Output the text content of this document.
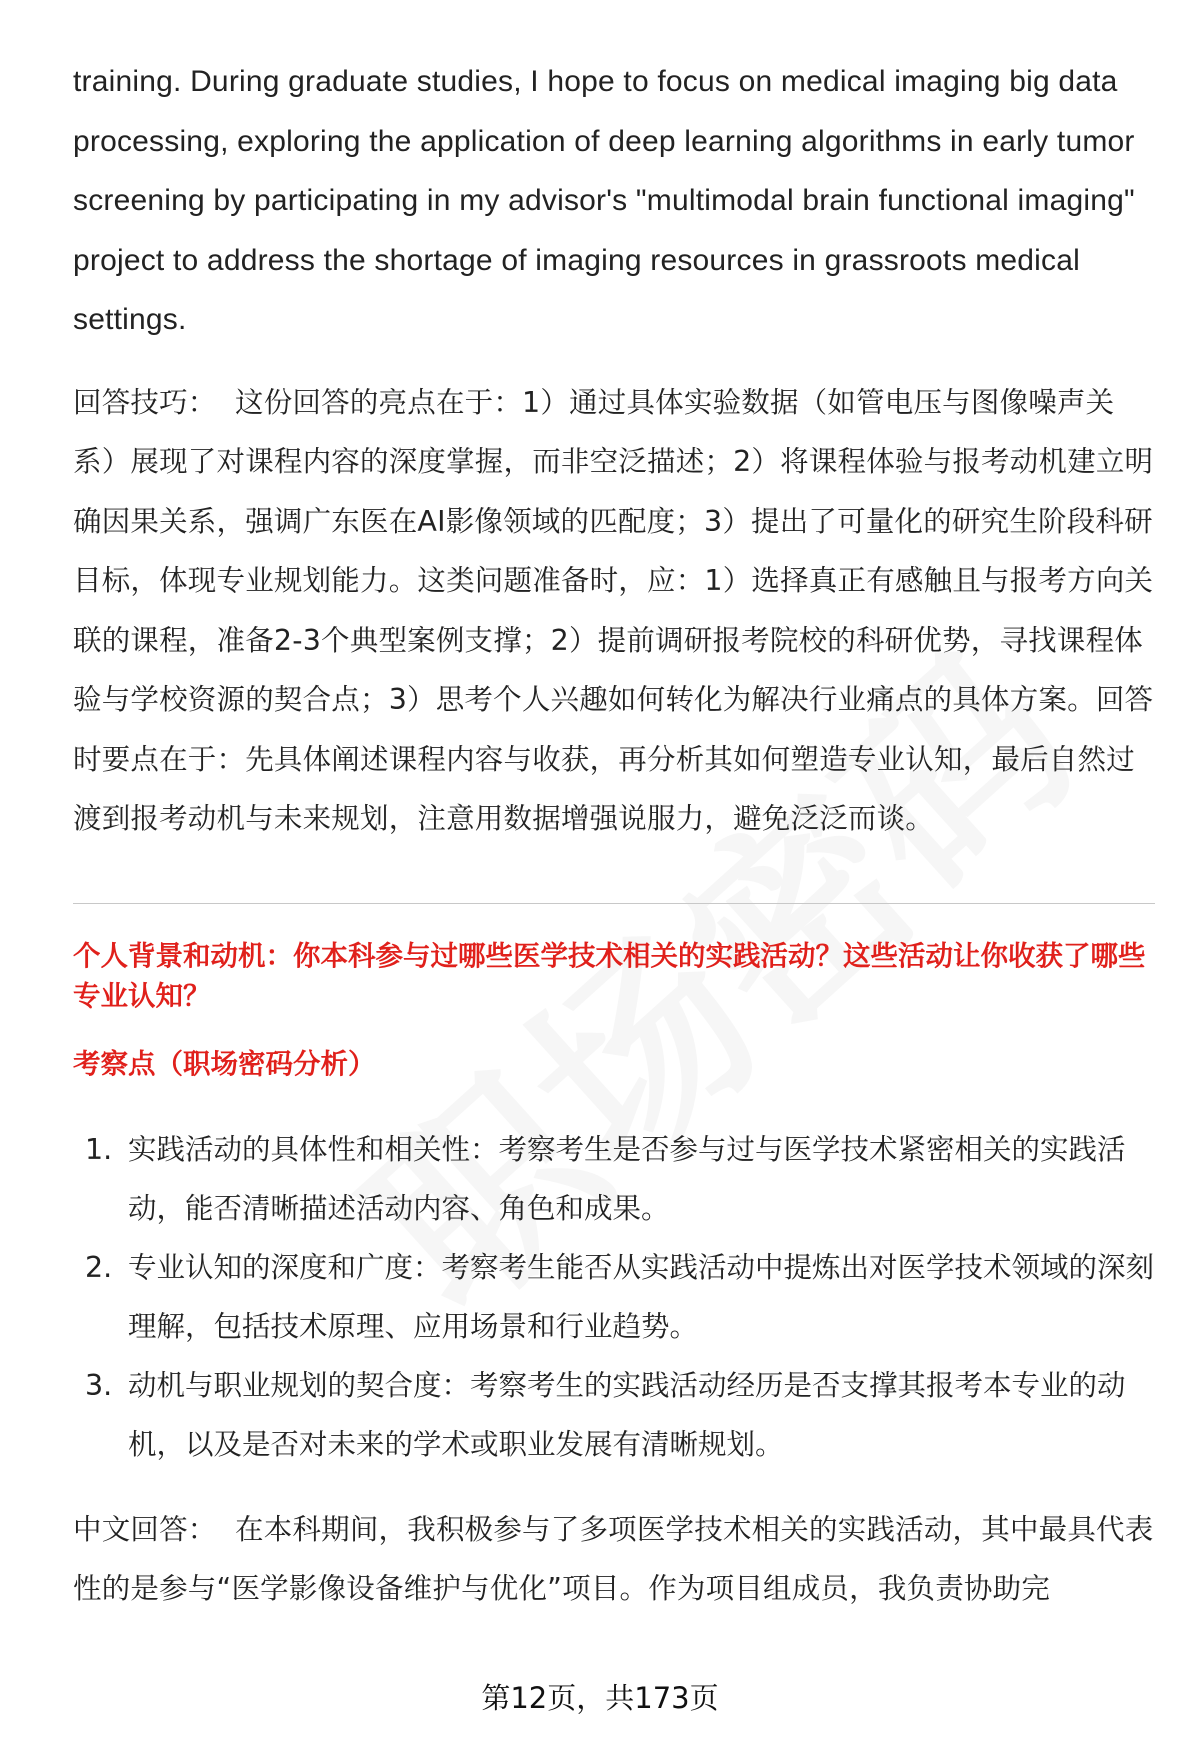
training. During graduate studies, I hope to focus on medical imaging big data processing, exploring the application of deep learning algorithms in early tumor screening by participating in my advisor's "multimodal brain functional imaging" project to address the shortage of imaging resources in grassroots medical settings.

回答技巧： 这份回答的亮点在于：1）通过具体实验数据（如管电压与图像噪声关系）展现了对课程内容的深度掌握，而非空泛描述；2）将课程体验与报考动机建立明确因果关系，强调广东医在AI影像领域的匹配度；3）提出了可量化的研究生阶段科研目标，体现专业规划能力。这类问题准备时，应：1）选择真正有感触且与报考方向关联的课程，准备2-3个典型案例支撑；2）提前调研报考院校的科研优势，寻找课程体验与学校资源的契合点；3）思考个人兴趣如何转化为解决行业痛点的具体方案。回答时要点在于：先具体阐述课程内容与收获，再分析其如何塑造专业认知，最后自然过渡到报考动机与未来规划，注意用数据增强说服力，避免泛泛而谈。

个人背景和动机：你本科参与过哪些医学技术相关的实践活动？这些活动让你收获了哪些专业认知？

考察点（职场密码分析）

1. 实践活动的具体性和相关性：考察考生是否参与过与医学技术紧密相关的实践活动，能否清晰描述活动内容、角色和成果。
2. 专业认知的深度和广度：考察考生能否从实践活动中提炼出对医学技术领域的深刻理解，包括技术原理、应用场景和行业趋势。
3. 动机与职业规划的契合度：考察考生的实践活动经历是否支撑其报考本专业的动机，以及是否对未来的学术或职业发展有清晰规划。

中文回答： 在本科期间，我积极参与了多项医学技术相关的实践活动，其中最具代表性的是参与“医学影像设备维护与优化”项目。作为项目组成员，我负责协助完

第12页，共173页
